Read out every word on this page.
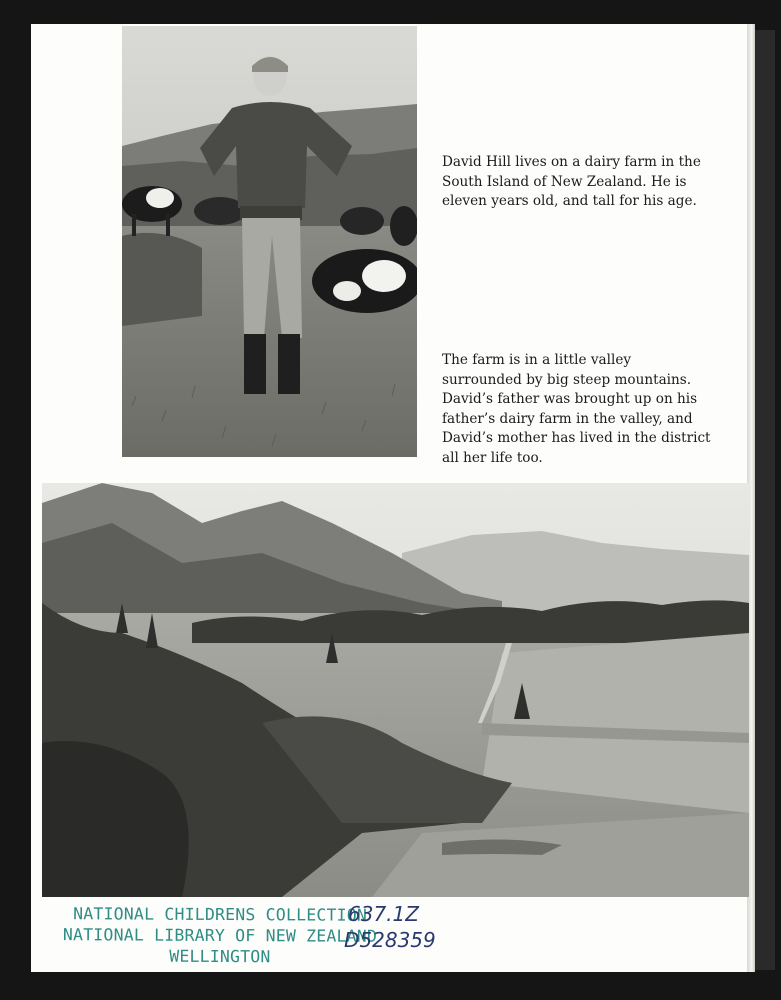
David Hill lives on a dairy farm in the South Island of New Zealand. He is eleven years old, and tall for his age.

The farm is in a little valley surrounded by big steep mountains. David’s father was brought up on his father’s dairy farm in the valley, and David’s mother has lived in the district all her life too.

NATIONAL CHILDRENS COLLECTION
NATIONAL LIBRARY OF NEW ZEALAND
WELLINGTON
637.1Z
D528359
